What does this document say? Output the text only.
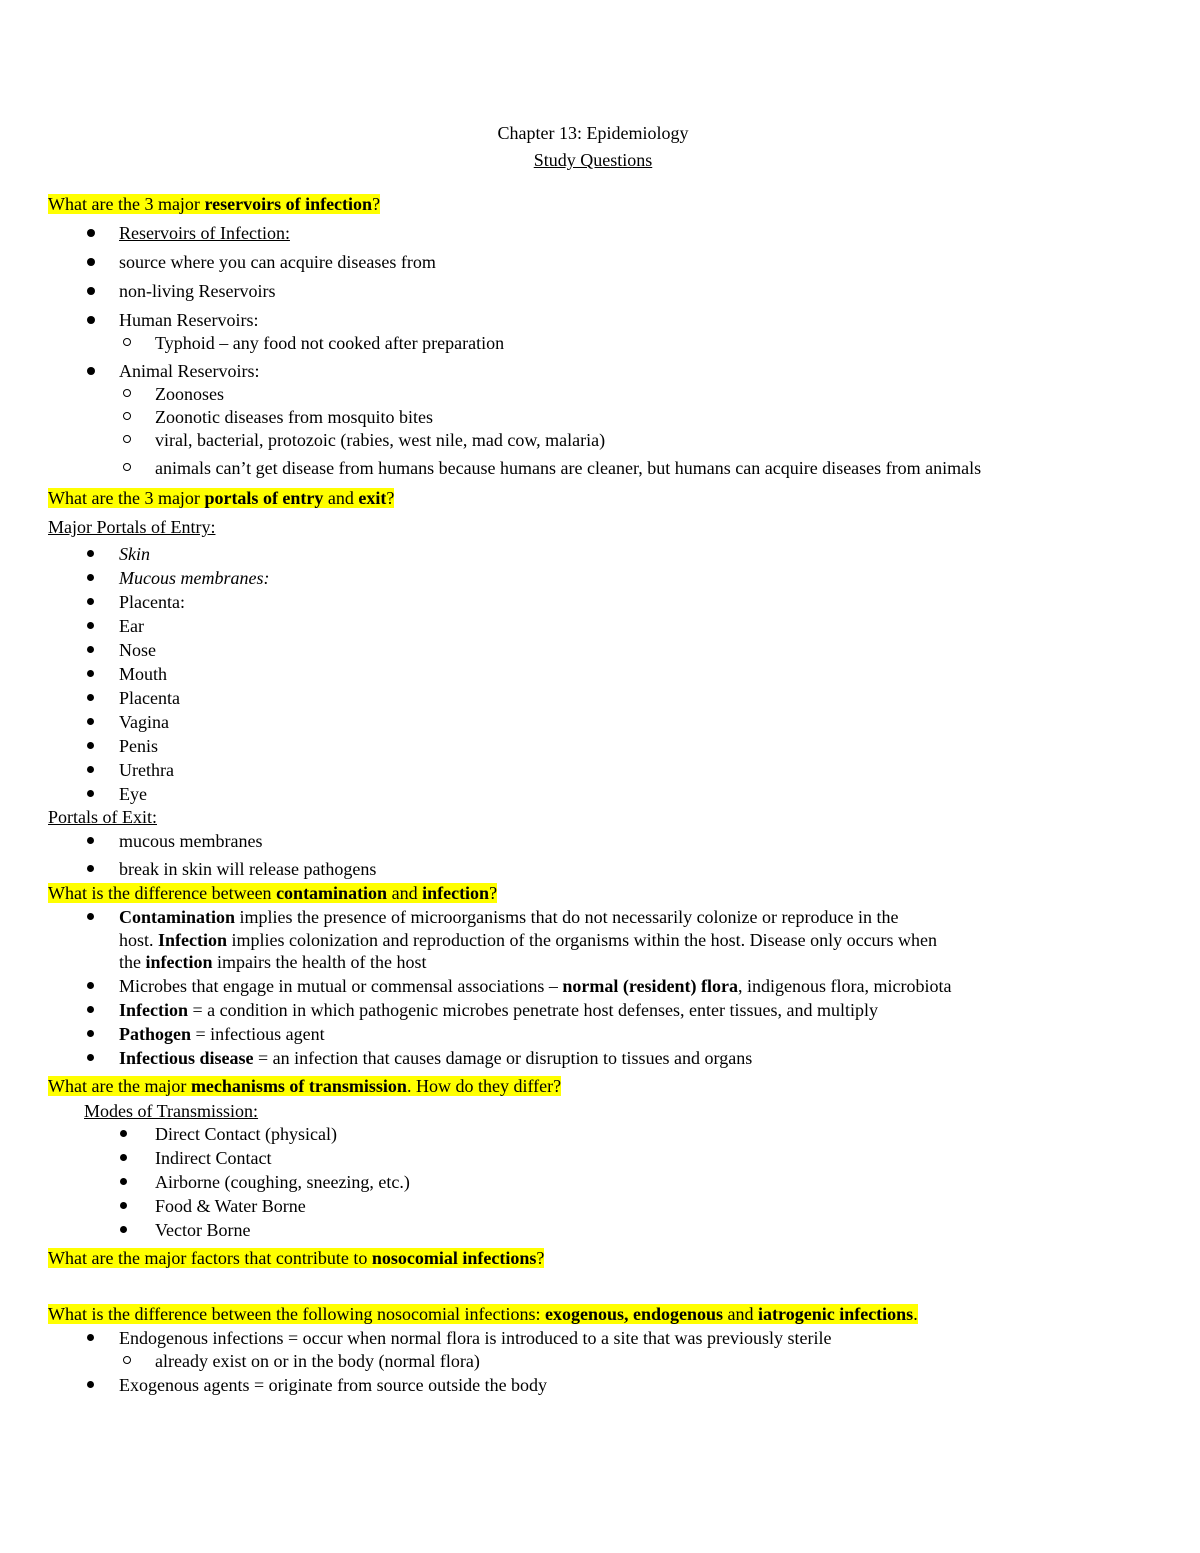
Chapter 13: Epidemiology
Study Questions
What are the 3 major reservoirs of infection?
Reservoirs of Infection:
source where you can acquire diseases from
non-living Reservoirs
Human Reservoirs:
Typhoid – any food not cooked after preparation
Animal Reservoirs:
Zoonoses
Zoonotic diseases from mosquito bites
viral, bacterial, protozoic (rabies, west nile, mad cow, malaria)
animals can’t get disease from humans because humans are cleaner, but humans can acquire diseases from animals
What are the 3 major portals of entry and exit?
Major Portals of Entry:
Skin
Mucous membranes:
Placenta:
Ear
Nose
Mouth
Placenta
Vagina
Penis
Urethra
Eye
Portals of Exit:
mucous membranes
break in skin will release pathogens
What is the difference between contamination and infection?
Contamination implies the presence of microorganisms that do not necessarily colonize or reproduce in the
host. Infection implies colonization and reproduction of the organisms within the host. Disease only occurs when
the infection impairs the health of the host
Microbes that engage in mutual or commensal associations – normal (resident) flora, indigenous flora, microbiota
Infection = a condition in which pathogenic microbes penetrate host defenses, enter tissues, and multiply
Pathogen = infectious agent
Infectious disease = an infection that causes damage or disruption to tissues and organs
What are the major mechanisms of transmission. How do they differ?
Modes of Transmission:
Direct Contact (physical)
Indirect Contact
Airborne (coughing, sneezing, etc.)
Food & Water Borne
Vector Borne
What are the major factors that contribute to nosocomial infections?
What is the difference between the following nosocomial infections: exogenous, endogenous and iatrogenic infections.
Endogenous infections = occur when normal flora is introduced to a site that was previously sterile
already exist on or in the body (normal flora)
Exogenous agents = originate from source outside the body
